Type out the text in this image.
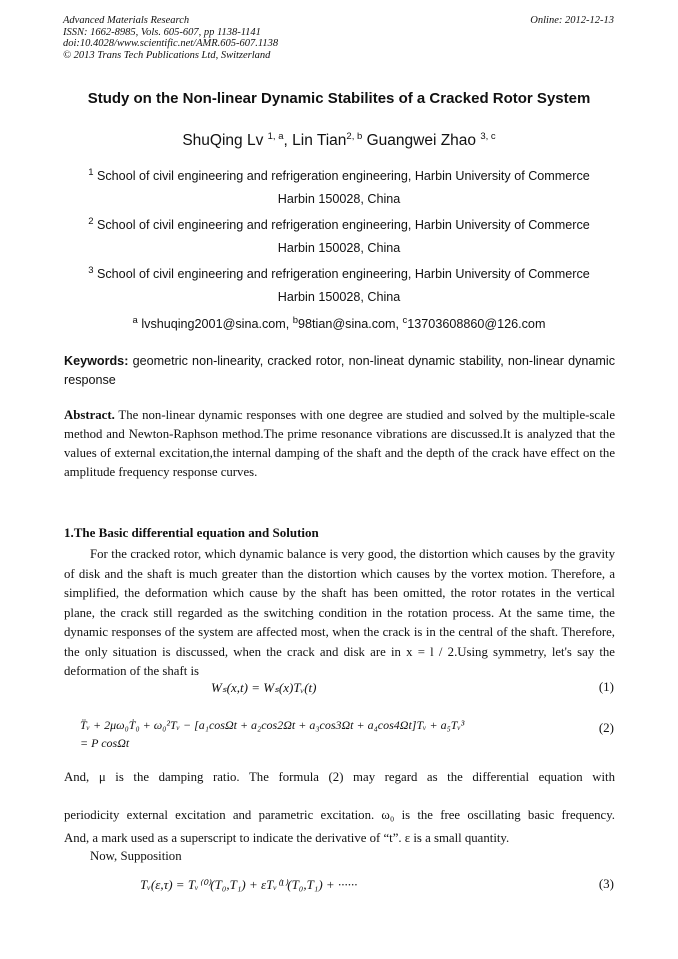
Advanced Materials Research
ISSN: 1662-8985, Vols. 605-607, pp 1138-1141
doi:10.4028/www.scientific.net/AMR.605-607.1138
© 2013 Trans Tech Publications Ltd, Switzerland
Online: 2012-12-13
Study on the Non-linear Dynamic Stabilites of a Cracked Rotor System
ShuQing Lv $^{1, a}$, Lin Tian$^{2, b}$ Guangwei Zhao $^{3, c}$
$^1$ School of civil engineering and refrigeration engineering, Harbin University of Commerce
Harbin 150028, China
$^2$ School of civil engineering and refrigeration engineering, Harbin University of Commerce
Harbin 150028, China
$^3$ School of civil engineering and refrigeration engineering, Harbin University of Commerce
Harbin 150028, China
$^a$ lvshuqing2001@sina.com, $^b$98tian@sina.com, $^c$13703608860@126.com
Keywords: geometric non-linearity, cracked rotor, non-lineat dynamic stability, non-linear dynamic response
Abstract. The non-linear dynamic responses with one degree are studied and solved by the multiple-scale method and Newton-Raphson method.The prime resonance vibrations are discussed.It is analyzed that the values of external excitation,the internal damping of the shaft and the depth of the crack have effect on the amplitude frequency response curves.
1.The Basic differential equation and Solution
For the cracked rotor, which dynamic balance is very good, the distortion which causes by the gravity of disk and the shaft is much greater than the distortion which causes by the vortex motion. Therefore, a simplified, the deformation which cause by the shaft has been omitted, the rotor rotates in the vertical plane, the crack still regarded as the switching condition in the rotation process. At the same time, the dynamic responses of the system are affected most, when the crack is in the central of the shaft. Therefore, the only situation is discussed, when the crack and disk are in x = l / 2.Using symmetry, let's say the deformation of the shaft is
Wₛ(x,t) = Wₛ(x)Tᵥ(t)	(1)
T̈ᵥ + 2μω₀Ṫ₀ + ω₀²Tᵥ − [a₁cosΩt + a₂cos2Ωt + a₃cos3Ωt + a₄cos4Ωt]Tᵥ + a₅Tᵥ³
= P cosΩt
(2)
And, μ is the damping ratio. The formula (2) may regard as the differential equation with
periodicity external excitation and parametric excitation. ω₀ is the free oscillating basic frequency.
And, a mark used as a superscript to indicate the derivative of “t”. ε is a small quantity.
Now, Supposition
Tᵥ(ε,τ) = Tᵥ⁽⁰⁾(T₀,T₁) + εTᵥ⁽¹⁾(T₀,T₁) + ······	(3)
